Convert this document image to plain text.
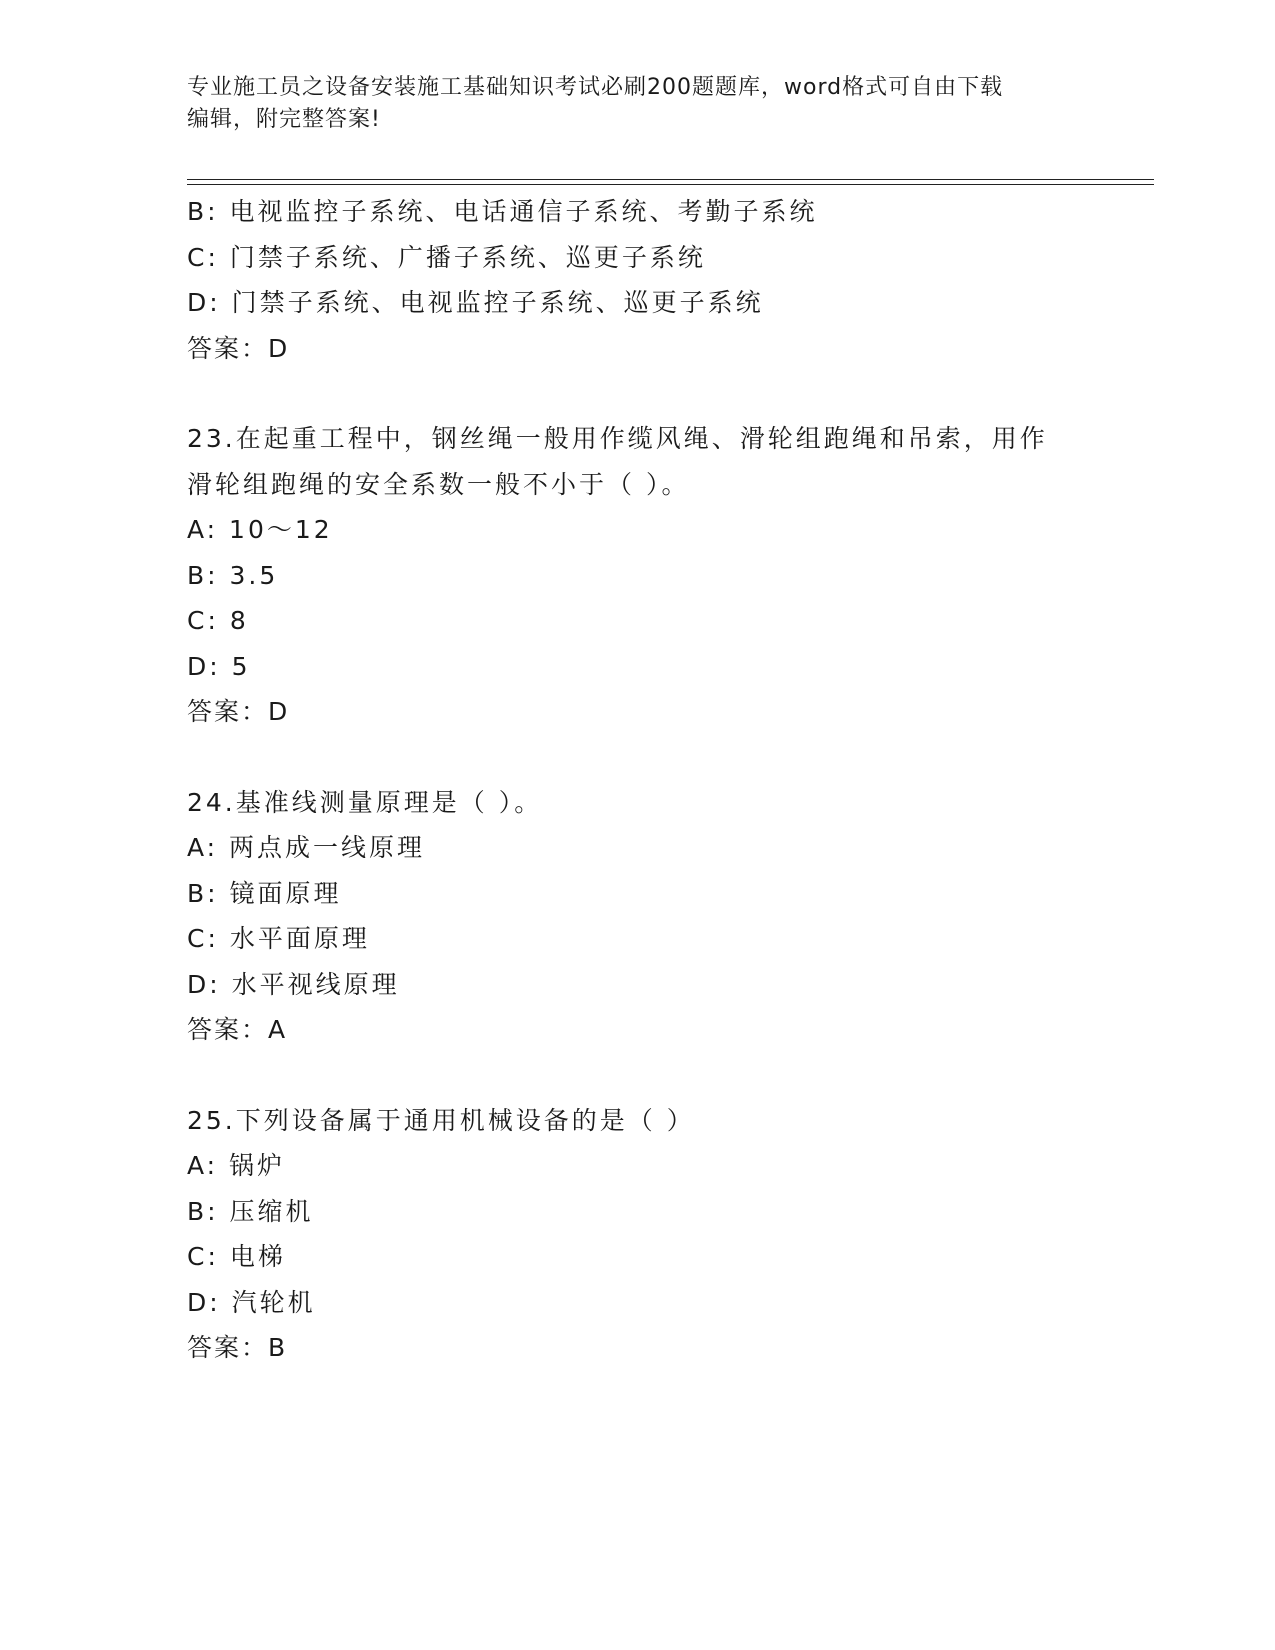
专业施工员之设备安装施工基础知识考试必刷200题题库，word格式可自由下载
编辑，附完整答案!
B: 电视监控子系统、电话通信子系统、考勤子系统
C: 门禁子系统、广播子系统、巡更子系统
D: 门禁子系统、电视监控子系统、巡更子系统
答案：D
23.在起重工程中，钢丝绳一般用作缆风绳、滑轮组跑绳和吊索，用作
滑轮组跑绳的安全系数一般不小于（ ）。
A: 10～12
B: 3.5
C: 8
D: 5
答案：D
24.基准线测量原理是（ ）。
A: 两点成一线原理
B: 镜面原理
C: 水平面原理
D: 水平视线原理
答案：A
25.下列设备属于通用机械设备的是（ ）
A: 锅炉
B: 压缩机
C: 电梯
D: 汽轮机
答案：B
